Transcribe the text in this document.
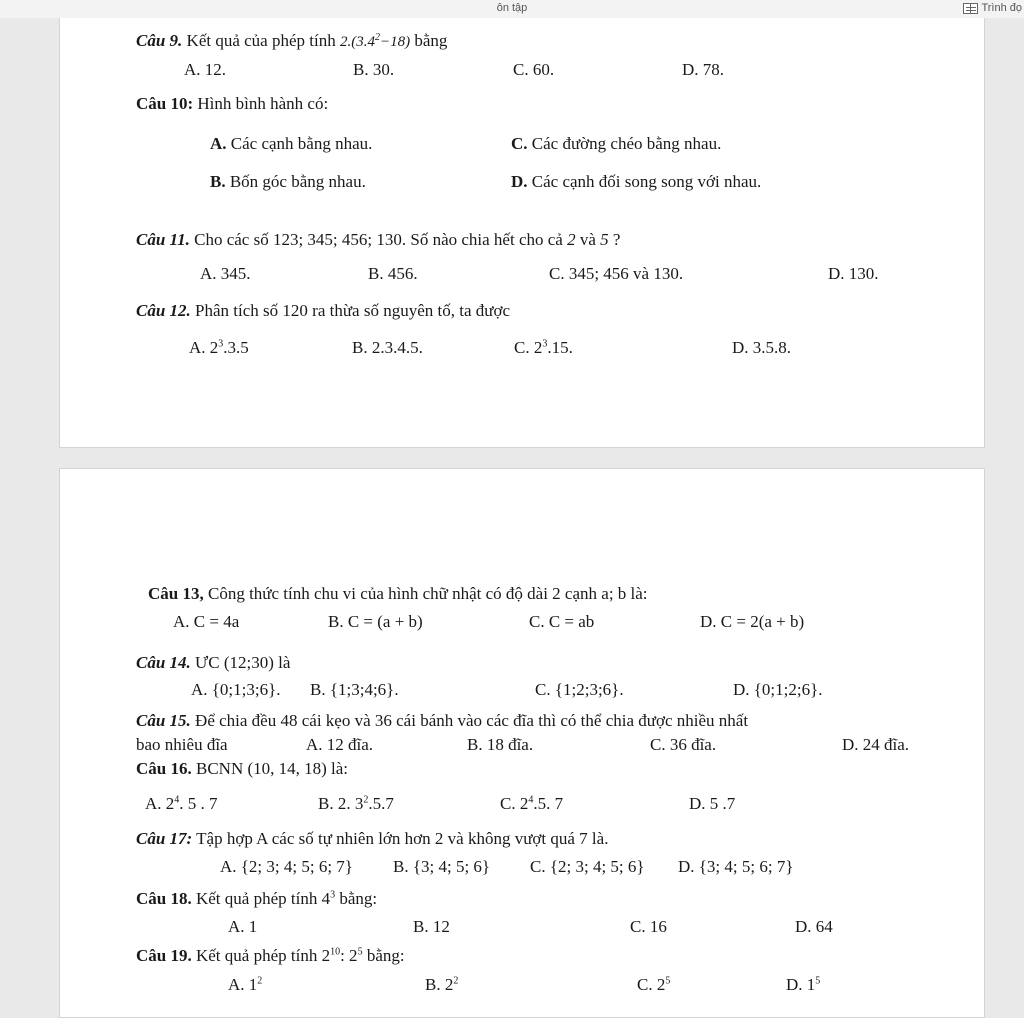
ôn tập	Trình đọ
Câu 9. Kết quả của phép tính $2.(3.4^2-18)$ bằng
A. 12.	B. 30.	C. 60.	D. 78.
Câu 10: Hình bình hành có:
A. Các cạnh bằng nhau.	C. Các đường chéo bằng nhau.
B. Bốn góc bằng nhau.	D. Các cạnh đối song song với nhau.
Câu 11. Cho các số 123; 345; 456; 130. Số nào chia hết cho cả 2 và 5 ?
A. 345.	B. 456.	C. 345; 456 và 130.	D. 130.
Câu 12. Phân tích số 120 ra thừa số nguyên tố, ta được
A. $2^3.3.5$	B. 2.3.4.5.	C. $2^3.15$.	D. 3.5.8.
Câu 13, Công thức tính chu vi của hình chữ nhật có độ dài 2 cạnh a; b là:
A. C = 4a	B. C = (a + b)	C. C = ab	D. C = 2(a + b)
Câu 14. ƯC (12;30) là
A. {0;1;3;6}. B. {1;3;4;6}.	C. {1;2;3;6}.	D. {0;1;2;6}.
Câu 15. Để chia đều 48 cái kẹo và 36 cái bánh vào các đĩa thì có thể chia được nhiều nhất
bao nhiêu đĩa	A. 12 đĩa.	B. 18 đĩa.	C. 36 đĩa.	D. 24 đĩa.
Câu 16. BCNN (10, 14, 18) là:
A. $2^4$. 5 . 7	B. 2. $3^2.5.7$	C. $2^4.5$. 7	D. 5 .7
Câu 17: Tập hợp A các số tự nhiên lớn hơn 2 và không vượt quá 7 là.
A. {2; 3; 4; 5; 6; 7} B. {3; 4; 5; 6} C. {2; 3; 4; 5; 6} D. {3; 4; 5; 6; 7}
Câu 18. Kết quả phép tính $4^3$ bằng:
A. 1	B. 12	C. 16	D. 64
Câu 19. Kết quả phép tính $2^{10}$: $2^5$ bằng:
A. $1^2$	B. $2^2$	C. $2^5$	D. $1^5$
